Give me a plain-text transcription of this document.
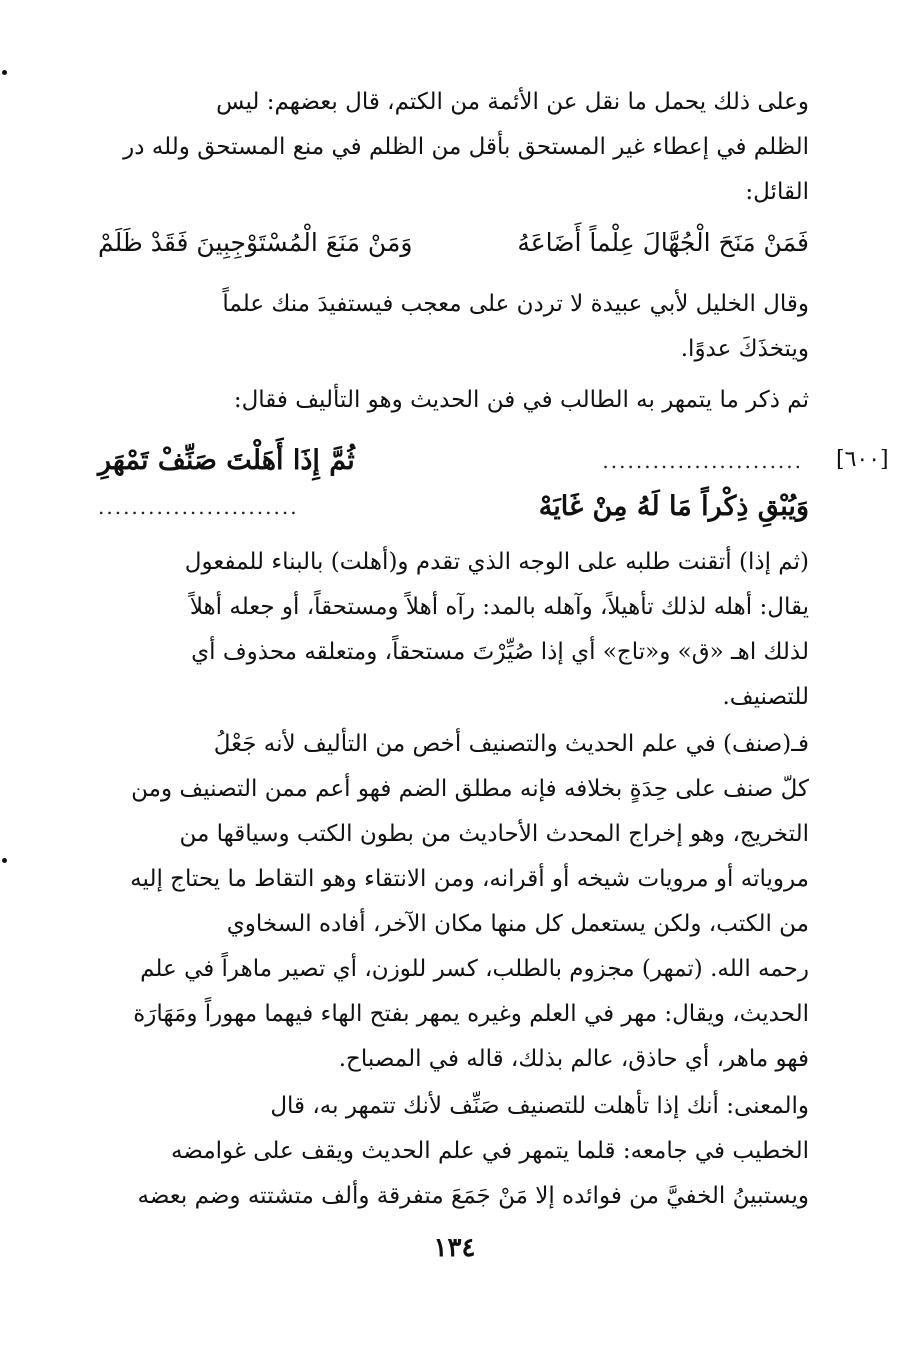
وعلى ذلك يحمل ما نقل عن الأئمة من الكتم، قال بعضهم: ليس

الظلم في إعطاء غير المستحق بأقل من الظلم في منع المستحق ولله در

القائل:

فَمَنْ مَنَحَ الْجُهَّالَ عِلْماً أَضَاعَهُ
وَمَنْ مَنَعَ الْمُسْتَوْجِبِينَ فَقَدْ ظَلَمْ

وقال الخليل لأبي عبيدة لا تردن على معجب فيستفيدَ منك علماً

ويتخذَكَ عدوًا.

ثم ذكر ما يتمهر به الطالب في فن الحديث وهو التأليف فقال:

[٦٠٠]
ثُمَّ إِذَا أَهَلْتَ صَنِّفْ تَمْهَرِ	........................
وَيُبْقِ ذِكْراً مَا لَهُ مِنْ غَايَهْ
........................

(ثم إذا) أتقنت طلبه على الوجه الذي تقدم و(أهلت) بالبناء للمفعول

يقال: أهله لذلك تأهيلاً، وآهله بالمد: رآه أهلاً ومستحقاً، أو جعله أهلاً

لذلك اهـ «ق» و«تاج» أي إذا صُيِّرْتَ مستحقاً، ومتعلقه محذوف أي

للتصنيف.

فـ(صنف) في علم الحديث والتصنيف أخص من التأليف لأنه جَعْلُ

كلّ صنف على حِدَةٍ بخلافه فإنه مطلق الضم فهو أعم ممن التصنيف ومن

التخريج، وهو إخراج المحدث الأحاديث من بطون الكتب وسياقها من

مروياته أو مرويات شيخه أو أقرانه، ومن الانتقاء وهو التقاط ما يحتاج إليه

من الكتب، ولكن يستعمل كل منها مكان الآخر، أفاده السخاوي

رحمه الله. (تمهر) مجزوم بالطلب، كسر للوزن، أي تصير ماهراً في علم

الحديث، ويقال: مهر في العلم وغيره يمهر بفتح الهاء فيهما مهوراً ومَهَارَة

فهو ماهر، أي حاذق، عالم بذلك، قاله في المصباح.

والمعنى: أنك إذا تأهلت للتصنيف صَنِّف لأنك تتمهر به، قال

الخطيب في جامعه: قلما يتمهر في علم الحديث ويقف على غوامضه

ويستبينُ الخفيَّ من فوائده إلا مَنْ جَمَعَ متفرقة وألف متشتته وضم بعضه

١٣٤
